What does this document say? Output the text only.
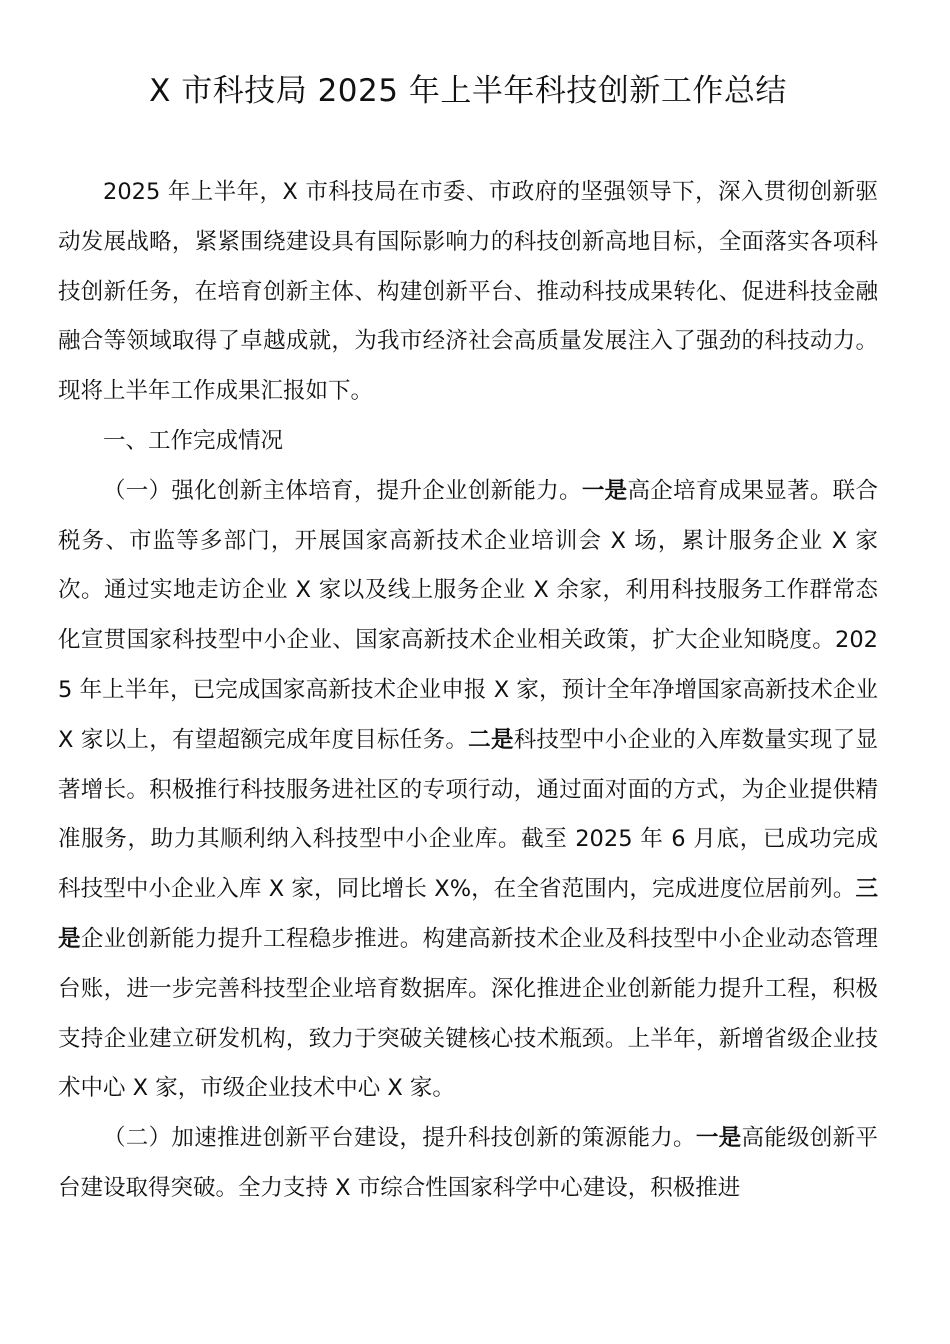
X 市科技局 2025 年上半年科技创新工作总结

2025 年上半年，X 市科技局在市委、市政府的坚强领导下，深入贯彻创新驱动发展战略，紧紧围绕建设具有国际影响力的科技创新高地目标，全面落实各项科技创新任务，在培育创新主体、构建创新平台、推动科技成果转化、促进科技金融融合等领域取得了卓越成就，为我市经济社会高质量发展注入了强劲的科技动力。现将上半年工作成果汇报如下。

一、工作完成情况

（一）强化创新主体培育，提升企业创新能力。一是高企培育成果显著。联合税务、市监等多部门，开展国家高新技术企业培训会 X 场，累计服务企业 X 家次。通过实地走访企业 X 家以及线上服务企业 X 余家，利用科技服务工作群常态化宣贯国家科技型中小企业、国家高新技术企业相关政策，扩大企业知晓度。2025 年上半年，已完成国家高新技术企业申报 X 家，预计全年净增国家高新技术企业 X 家以上，有望超额完成年度目标任务。二是科技型中小企业的入库数量实现了显著增长。积极推行科技服务进社区的专项行动，通过面对面的方式，为企业提供精准服务，助力其顺利纳入科技型中小企业库。截至 2025 年 6 月底，已成功完成科技型中小企业入库 X 家，同比增长 X%，在全省范围内，完成进度位居前列。三是企业创新能力提升工程稳步推进。构建高新技术企业及科技型中小企业动态管理台账，进一步完善科技型企业培育数据库。深化推进企业创新能力提升工程，积极支持企业建立研发机构，致力于突破关键核心技术瓶颈。上半年，新增省级企业技术中心 X 家，市级企业技术中心 X 家。

（二）加速推进创新平台建设，提升科技创新的策源能力。一是高能级创新平台建设取得突破。全力支持 X 市综合性国家科学中心建设，积极推进
